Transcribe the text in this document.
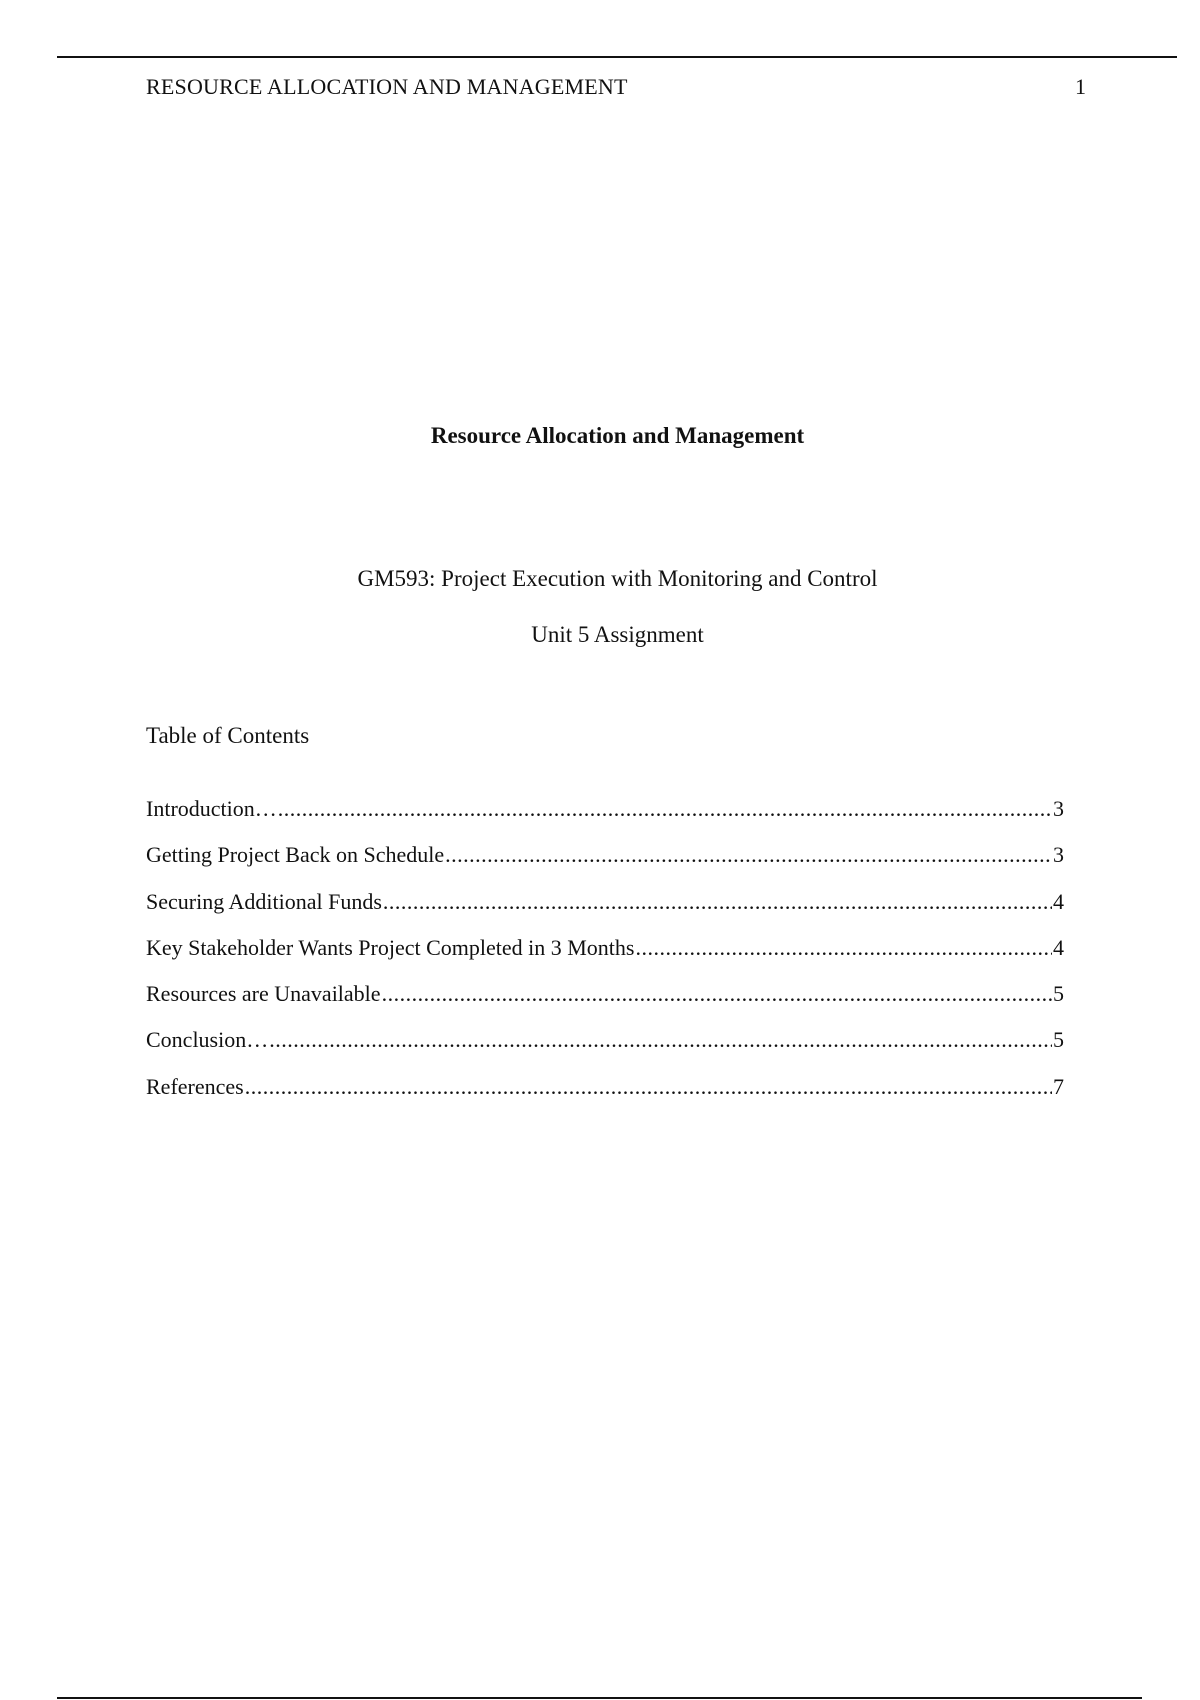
RESOURCE ALLOCATION AND MANAGEMENT	1
Resource Allocation and Management
GM593: Project Execution with Monitoring and Control
Unit 5 Assignment
Table of Contents
Introduction… .....	3
Getting Project Back on Schedule .....	3
Securing Additional Funds .....	4
Key Stakeholder Wants Project Completed in 3 Months .....	4
Resources are Unavailable .....	5
Conclusion… .....	5
References .....	7
